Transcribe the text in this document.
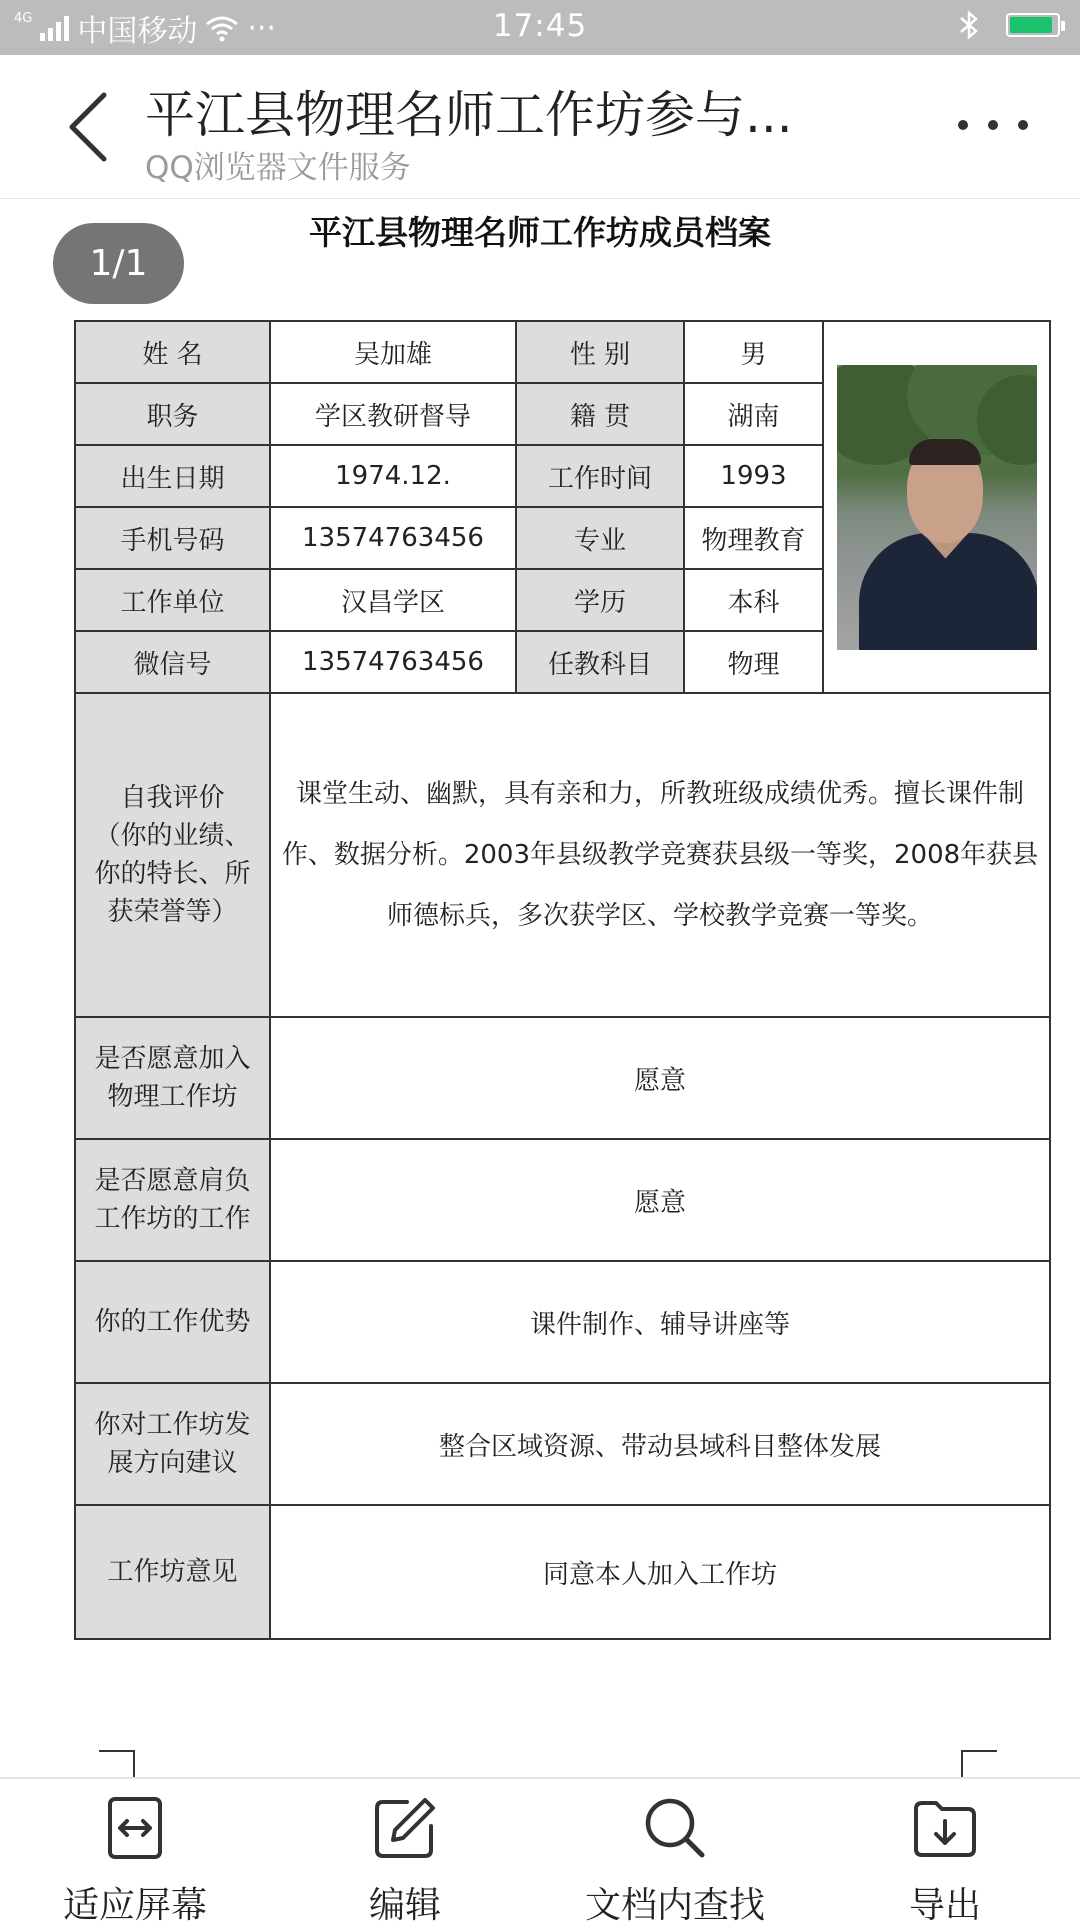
4G 中国移动 ···	17:45
平江县物理名师工作坊参与...
QQ浏览器文件服务
平江县物理名师工作坊成员档案
1/1
姓 名	吴加雄	性 别	男	

职务	学区教研督导	籍 贯	湖南	
出生日期	1974.12.	工作时间	1993	
手机号码	13574763456	专业	物理教育	
工作单位	汉昌学区	学历	本科	
微信号	13574763456	任教科目	物理	

自我评价
（你的业绩、
你的特长、所
获荣誉等）	课堂生动、幽默，具有亲和力，所教班级成绩优秀。擅长课件制作、数据分析。2003年县级教学竞赛获县级一等奖，2008年获县师德标兵，多次获学区、学校教学竞赛一等奖。			

是否愿意加入
物理工作坊	愿意			

是否愿意肩负
工作坊的工作	愿意			

你的工作优势	课件制作、辅导讲座等			

你对工作坊发
展方向建议	整合区域资源、带动县域科目整体发展			

工作坊意见	同意本人加入工作坊			
适应屏幕	编辑	文档内查找	导出
